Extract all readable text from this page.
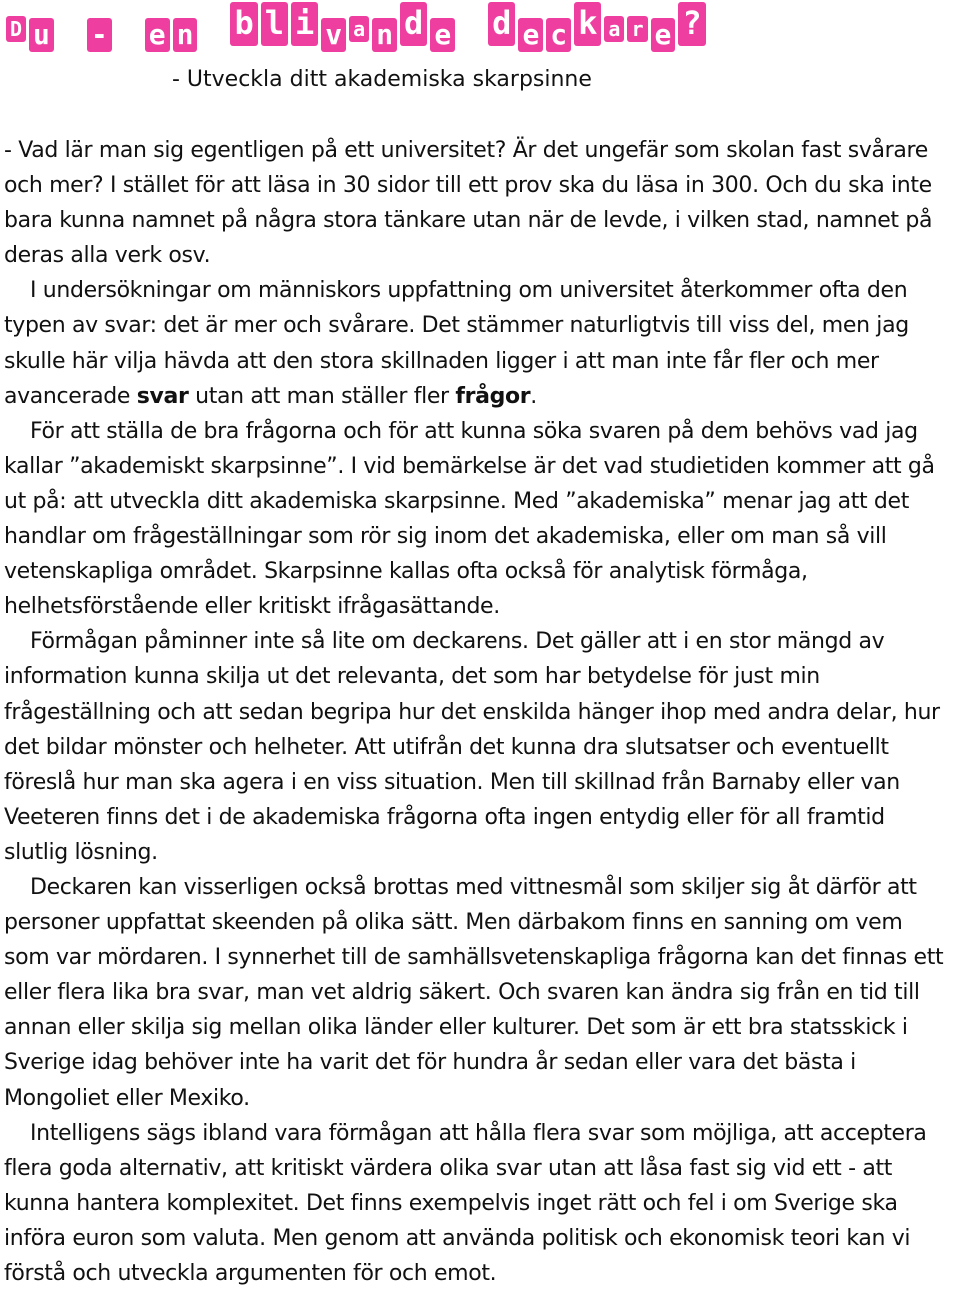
D u - e n b l i v a n d e d e c k a r e ?
- Utveckla ditt akademiska skarpsinne

- Vad lär man sig egentligen på ett universitet? Är det ungefär som skolan fast svårare och mer? I stället för att läsa in 30 sidor till ett prov ska du läsa in 300. Och du ska inte bara kunna namnet på några stora tänkare utan när de levde, i vilken stad, namnet på deras alla verk osv.

I undersökningar om människors uppfattning om universitet återkommer ofta den typen av svar: det är mer och svårare. Det stämmer naturligtvis till viss del, men jag skulle här vilja hävda att den stora skillnaden ligger i att man inte får fler och mer avancerade svar utan att man ställer fler frågor.

För att ställa de bra frågorna och för att kunna söka svaren på dem behövs vad jag kallar ”akademiskt skarpsinne”. I vid bemärkelse är det vad studietiden kommer att gå ut på: att utveckla ditt akademiska skarpsinne. Med ”akademiska” menar jag att det handlar om frågeställningar som rör sig inom det akademiska, eller om man så vill vetenskapliga området. Skarpsinne kallas ofta också för analytisk förmåga, helhetsförstående eller kritiskt ifrågasättande.

Förmågan påminner inte så lite om deckarens. Det gäller att i en stor mängd av information kunna skilja ut det relevanta, det som har betydelse för just min frågeställning och att sedan begripa hur det enskilda hänger ihop med andra delar, hur det bildar mönster och helheter. Att utifrån det kunna dra slutsatser och eventuellt föreslå hur man ska agera i en viss situation. Men till skillnad från Barnaby eller van Veeteren finns det i de akademiska frågorna ofta ingen entydig eller för all framtid slutlig lösning.

Deckaren kan visserligen också brottas med vittnesmål som skiljer sig åt därför att personer uppfattat skeenden på olika sätt. Men därbakom finns en sanning om vem som var mördaren. I synnerhet till de samhällsvetenskapliga frågorna kan det finnas ett eller flera lika bra svar, man vet aldrig säkert. Och svaren kan ändra sig från en tid till annan eller skilja sig mellan olika länder eller kulturer. Det som är ett bra statsskick i Sverige idag behöver inte ha varit det för hundra år sedan eller vara det bästa i Mongoliet eller Mexiko.

Intelligens sägs ibland vara förmågan att hålla flera svar som möjliga, att acceptera flera goda alternativ, att kritiskt värdera olika svar utan att låsa fast sig vid ett - att kunna hantera komplexitet. Det finns exempelvis inget rätt och fel i om Sverige ska införa euron som valuta. Men genom att använda politisk och ekonomisk teori kan vi förstå och utveckla argumenten för och emot.
